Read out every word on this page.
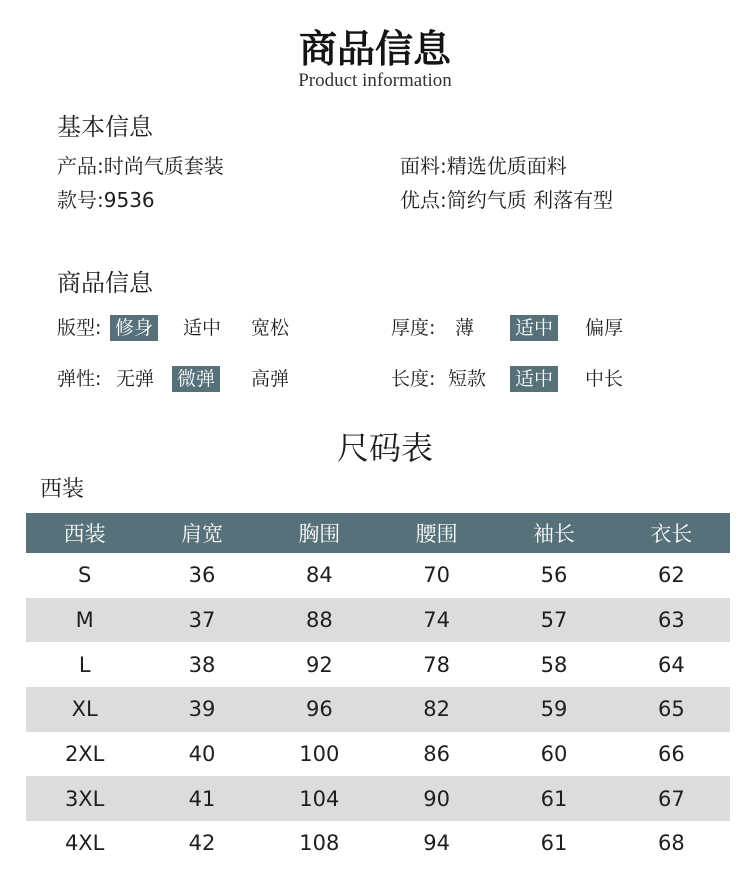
商品信息
Product information
基本信息
产品:时尚气质套装	面料:精选优质面料
款号:9536	优点:简约气质 利落有型
商品信息
版型: 修身 适中 宽松	厚度: 薄 适中 偏厚
弹性: 无弹 微弹 高弹	长度: 短款 适中 中长
尺码表
西装
西装	肩宽	胸围	腰围	袖长	衣长
S	36	84	70	56	62
M	37	88	74	57	63
L	38	92	78	58	64
XL	39	96	82	59	65
2XL	40	100	86	60	66
3XL	41	104	90	61	67
4XL	42	108	94	61	68
